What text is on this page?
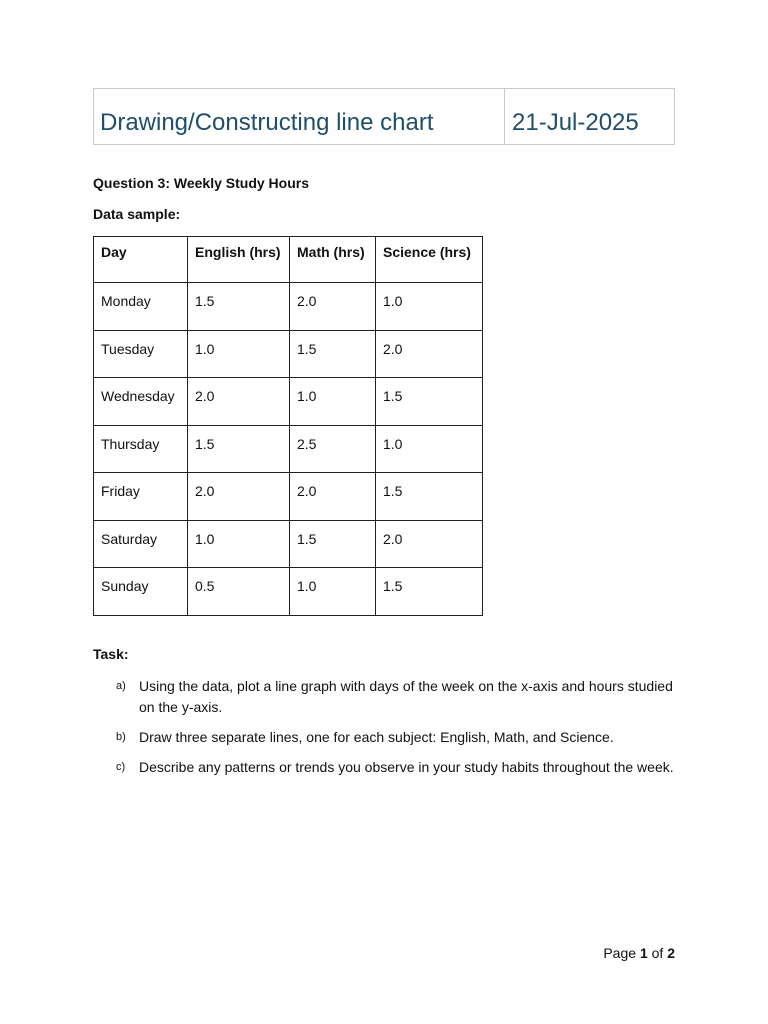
Drawing/Constructing line chart	21-Jul-2025
Question 3: Weekly Study Hours
Data sample:
Day	English (hrs)	Math (hrs)	Science (hrs)
Monday	1.5	2.0	1.0
Tuesday	1.0	1.5	2.0
Wednesday	2.0	1.0	1.5
Thursday	1.5	2.5	1.0
Friday	2.0	2.0	1.5
Saturday	1.0	1.5	2.0
Sunday	0.5	1.0	1.5
Task:
a) Using the data, plot a line graph with days of the week on the x-axis and hours studied on the y-axis.
b) Draw three separate lines, one for each subject: English, Math, and Science.
c) Describe any patterns or trends you observe in your study habits throughout the week.
Page 1 of 2
